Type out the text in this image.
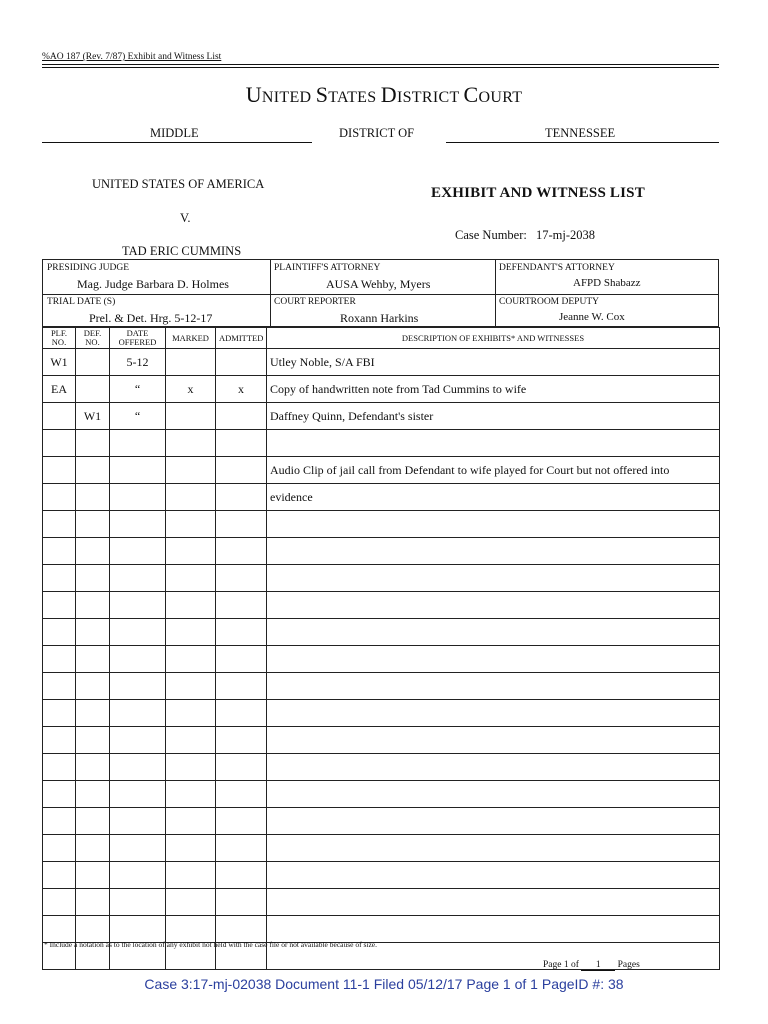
%AO 187 (Rev. 7/87) Exhibit and Witness List
UNITED STATES DISTRICT COURT
MIDDLE	DISTRICT OF	TENNESSEE
UNITED STATES OF AMERICA
V.
TAD ERIC CUMMINS
EXHIBIT AND WITNESS LIST
Case Number: 17-mj-2038
PRESIDING JUDGE
Mag. Judge Barbara D. Holmes
PLAINTIFF'S ATTORNEY
AUSA Wehby, Myers
DEFENDANT'S ATTORNEY
AFPD Shabazz
TRIAL DATE (S)
Prel. & Det. Hrg. 5-12-17
COURT REPORTER
Roxann Harkins
COURTROOM DEPUTY
Jeanne W. Cox
PLF. NO.	DEF. NO.	DATE OFFERED	MARKED	ADMITTED	DESCRIPTION OF EXHIBITS* AND WITNESSES
W1		5-12			Utley Noble, S/A FBI
EA		“	x	x	Copy of handwritten note from Tad Cummins to wife
	W1	“			Daffney Quinn, Defendant's sister

					Audio Clip of jail call from Defendant to wife played for Court but not offered into
					evidence

* Include a notation as to the location of any exhibit not held with the case file or not available because of size.
Page 1 of 1 Pages
Case 3:17-mj-02038 Document 11-1 Filed 05/12/17 Page 1 of 1 PageID #: 38
